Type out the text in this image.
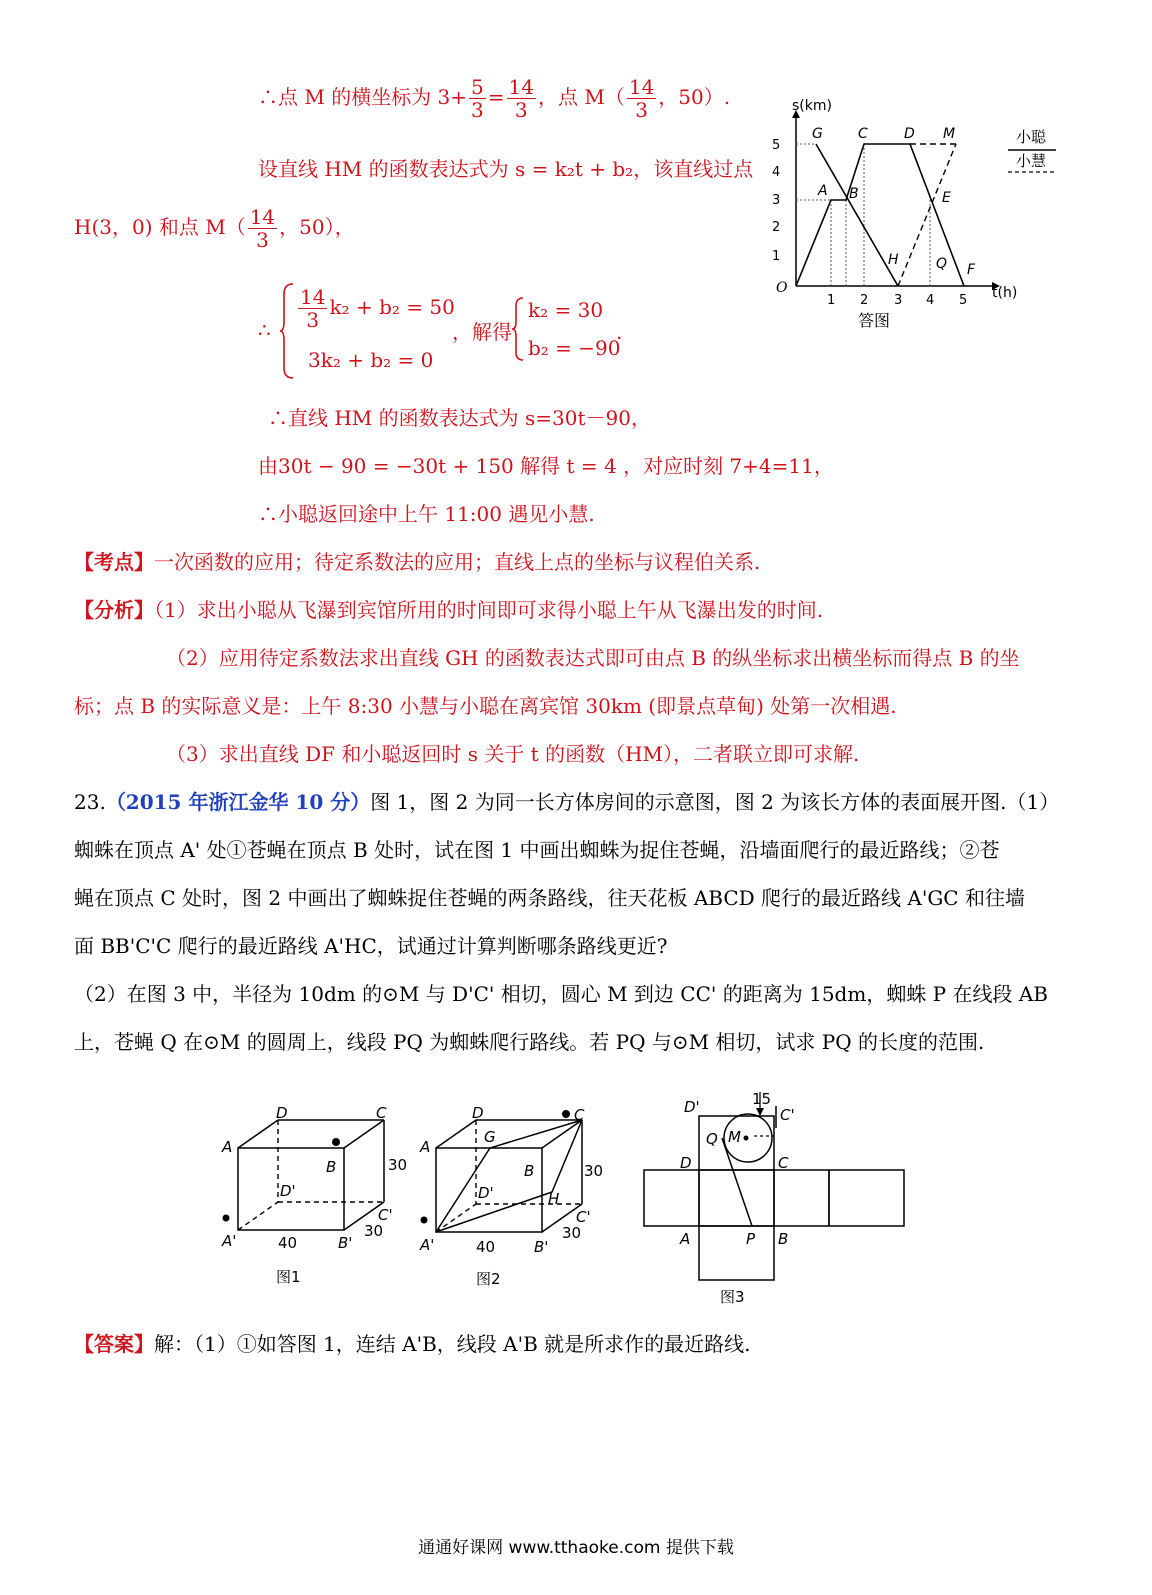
∴点 M 的横坐标为 $3+ \frac{5}{3} = \frac{14}{3}$ ，点 $M( \frac{14}{3}$ ，50）.
设直线 HM 的函数表达式为 s = k₂t + b₂，该直线过点
H(3，0) 和点 $M( \frac{14}{3}$ ，50），
∴ $\frac{14}{3} k_2 + b_2 = 50$
3k₂ + b₂ = 0
，解得
k₂ = 30
b₂ = −90
.
∴直线 HM 的函数表达式为 s=30t－90，
由30t − 90 = −30t + 150 解得 t = 4 ，对应时刻 7+4=11，
∴小聪返回途中上午 11:00 遇见小慧.
s(km)
t(h)
O
1
2
3
4
5
1 2 3 4 5
G	C	D M
A B	E
H	Q F
答图
小聪
小慧
【考点】一次函数的应用；待定系数法的应用；直线上点的坐标与议程伯关系.
【分析】（1）求出小聪从飞瀑到宾馆所用的时间即可求得小聪上午从飞瀑出发的时间.
（2）应用待定系数法求出直线 GH 的函数表达式即可由点 B 的纵坐标求出横坐标而得点 B 的坐
标；点 B 的实际意义是：上午 8:30 小慧与小聪在离宾馆 30km (即景点草甸) 处第一次相遇.
（3）求出直线 DF 和小聪返回时 s 关于 t 的函数（HM），二者联立即可求解.
23.（2015 年浙江金华 10 分）图 1，图 2 为同一长方体房间的示意图，图 2 为该长方体的表面展开图.（1）
蜘蛛在顶点 A' 处①苍蝇在顶点 B 处时，试在图 1 中画出蜘蛛为捉住苍蝇，沿墙面爬行的最近路线；②苍
蝇在顶点 C 处时，图 2 中画出了蜘蛛捉住苍蝇的两条路线，往天花板 ABCD 爬行的最近路线 A'GC 和往墙
面 BB'C'C 爬行的最近路线 A'HC，试通过计算判断哪条路线更近?
（2）在图 3 中，半径为 10dm 的⊙M 与 D'C' 相切，圆心 M 到边 CC' 的距离为 15dm，蜘蛛 P 在线段 AB
上，苍蝇 Q 在⊙M 的圆周上，线段 PQ 为蜘蛛爬行路线。若 PQ 与⊙M 相切，试求 PQ 的长度的范围.
A
D	C
B
D'
C'
A'	B'
40
30
30
图1
A
D	C
G
B
H
D'
C'
A'	B'
40
30
30
图2
D'	C'
D	C
Q M
A	P B
15
图3
【答案】解：（1）①如答图 1，连结 A'B，线段 A'B 就是所求作的最近路线.
通通好课网 www.tthaoke.com 提供下载
